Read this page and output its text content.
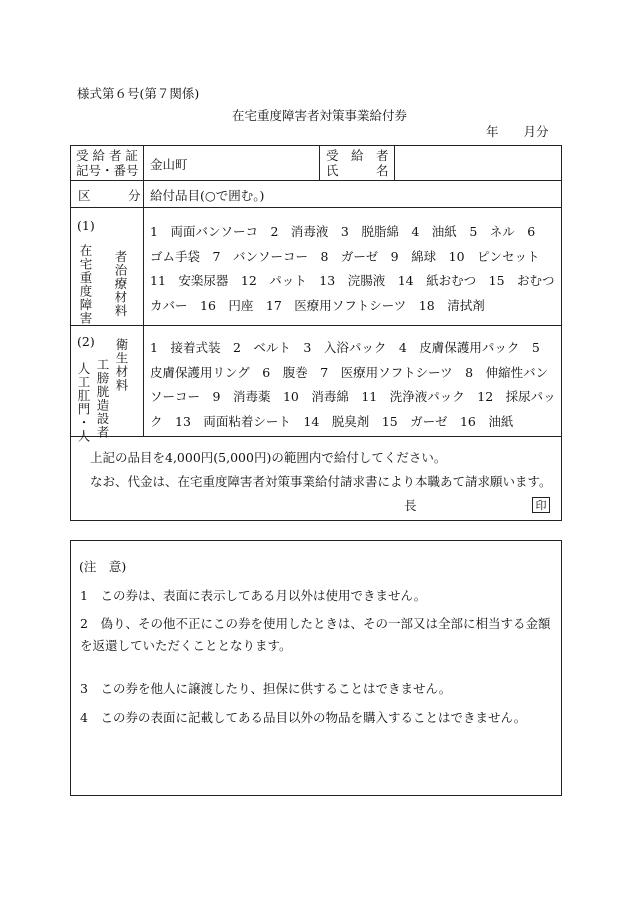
様式第６号(第７関係)
在宅重度障害者対策事業給付券
年　　月分
受 給 者 証
記号・番号 金山町
受　給　者
氏　　　名
区　　　分 給付品目(○で囲む。)
(1)
在宅重度障害 者治療材料
1　両面バンソーコ　2　消毒液　3　脱脂綿　4　油紙　5　ネル　6　ゴム手袋　7　バンソーコー　8　ガーゼ　9　綿球　10　ピンセット　11　安楽尿器　12　パット　13　浣腸液　14　紙おむつ　15　おむつカバー　16　円座　17　医療用ソフトシーツ　18　清拭剤
(2)
人工肛門・人 工膀胱造設者 衛生材料 1　接着式装　2　ベルト　3　入浴パック　4　皮膚保護用パック　5　皮膚保護用リング　6　腹巻　7　医療用ソフトシーツ　8　伸縮性バンソーコー　9　消毒薬　10　消毒綿　11　洗浄液パック　12　採尿パック　13　両面粘着シート　14　脱臭剤　15　ガーゼ　16　油紙
上記の品目を4,000円(5,000円)の範囲内で給付してください。
なお、代金は、在宅重度障害者対策事業給付請求書により本職あて請求願います。
長	印
(注　意)
1　この券は、表面に表示してある月以外は使用できません。
2　偽り、その他不正にこの券を使用したときは、その一部又は全部に相当する金額を返還していただくこととなります。
3　この券を他人に譲渡したり、担保に供することはできません。
4　この券の表面に記載してある品目以外の物品を購入することはできません。
